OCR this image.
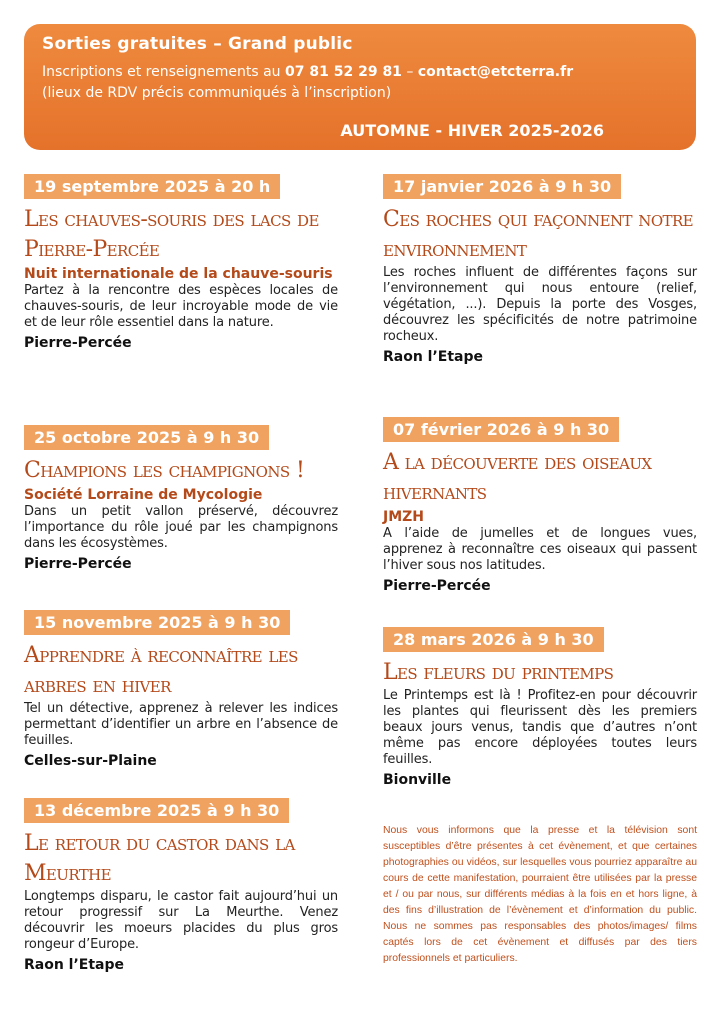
Sorties gratuites – Grand public
Inscriptions et renseignements au 07 81 52 29 81 – contact@etcterra.fr
(lieux de RDV précis communiqués à l’inscription)
AUTOMNE - HIVER 2025-2026
19 septembre 2025 à 20 h
Les chauves-souris des lacs de Pierre-Percée
Nuit internationale de la chauve-souris
Partez à la rencontre des espèces locales de chauves-souris, de leur incroyable mode de vie et de leur rôle essentiel dans la nature.
Pierre-Percée
25 octobre 2025 à 9 h 30
Champions les champignons !
Société Lorraine de Mycologie
Dans un petit vallon préservé, découvrez l’importance du rôle joué par les champignons dans les écosystèmes.
Pierre-Percée
15 novembre 2025 à 9 h 30
Apprendre à reconnaître les arbres en hiver
Tel un détective, apprenez à relever les indices permettant d’identifier un arbre en l’absence de feuilles.
Celles-sur-Plaine
13 décembre 2025 à 9 h 30
Le retour du castor dans la Meurthe
Longtemps disparu, le castor fait aujourd’hui un retour progressif sur La Meurthe. Venez découvrir les moeurs placides du plus gros rongeur d’Europe.
Raon l’Etape
17 janvier 2026 à 9 h 30
Ces roches qui façonnent notre environnement
Les roches influent de différentes façons sur l’environnement qui nous entoure (relief, végétation, ...). Depuis la porte des Vosges, découvrez les spécificités de notre patrimoine rocheux.
Raon l’Etape
07 février 2026 à 9 h 30
A la découverte des oiseaux hivernants
JMZH
A l’aide de jumelles et de longues vues, apprenez à reconnaître ces oiseaux qui passent l’hiver sous nos latitudes.
Pierre-Percée
28 mars 2026 à 9 h 30
Les fleurs du printemps
Le Printemps est là ! Profitez-en pour découvrir les plantes qui fleurissent dès les premiers beaux jours venus, tandis que d’autres n’ont même pas encore déployées toutes leurs feuilles.
Bionville
Nous vous informons que la presse et la télévision sont susceptibles d’être présentes à cet évènement, et que certaines photographies ou vidéos, sur lesquelles vous pourriez apparaître au cours de cette manifestation, pourraient être utilisées par la presse et / ou par nous, sur différents médias à la fois en et hors ligne, à des fins d’illustration de l’évènement et d’information du public. Nous ne sommes pas responsables des photos/images/ films captés lors de cet évènement et diffusés par des tiers professionnels et particuliers.
